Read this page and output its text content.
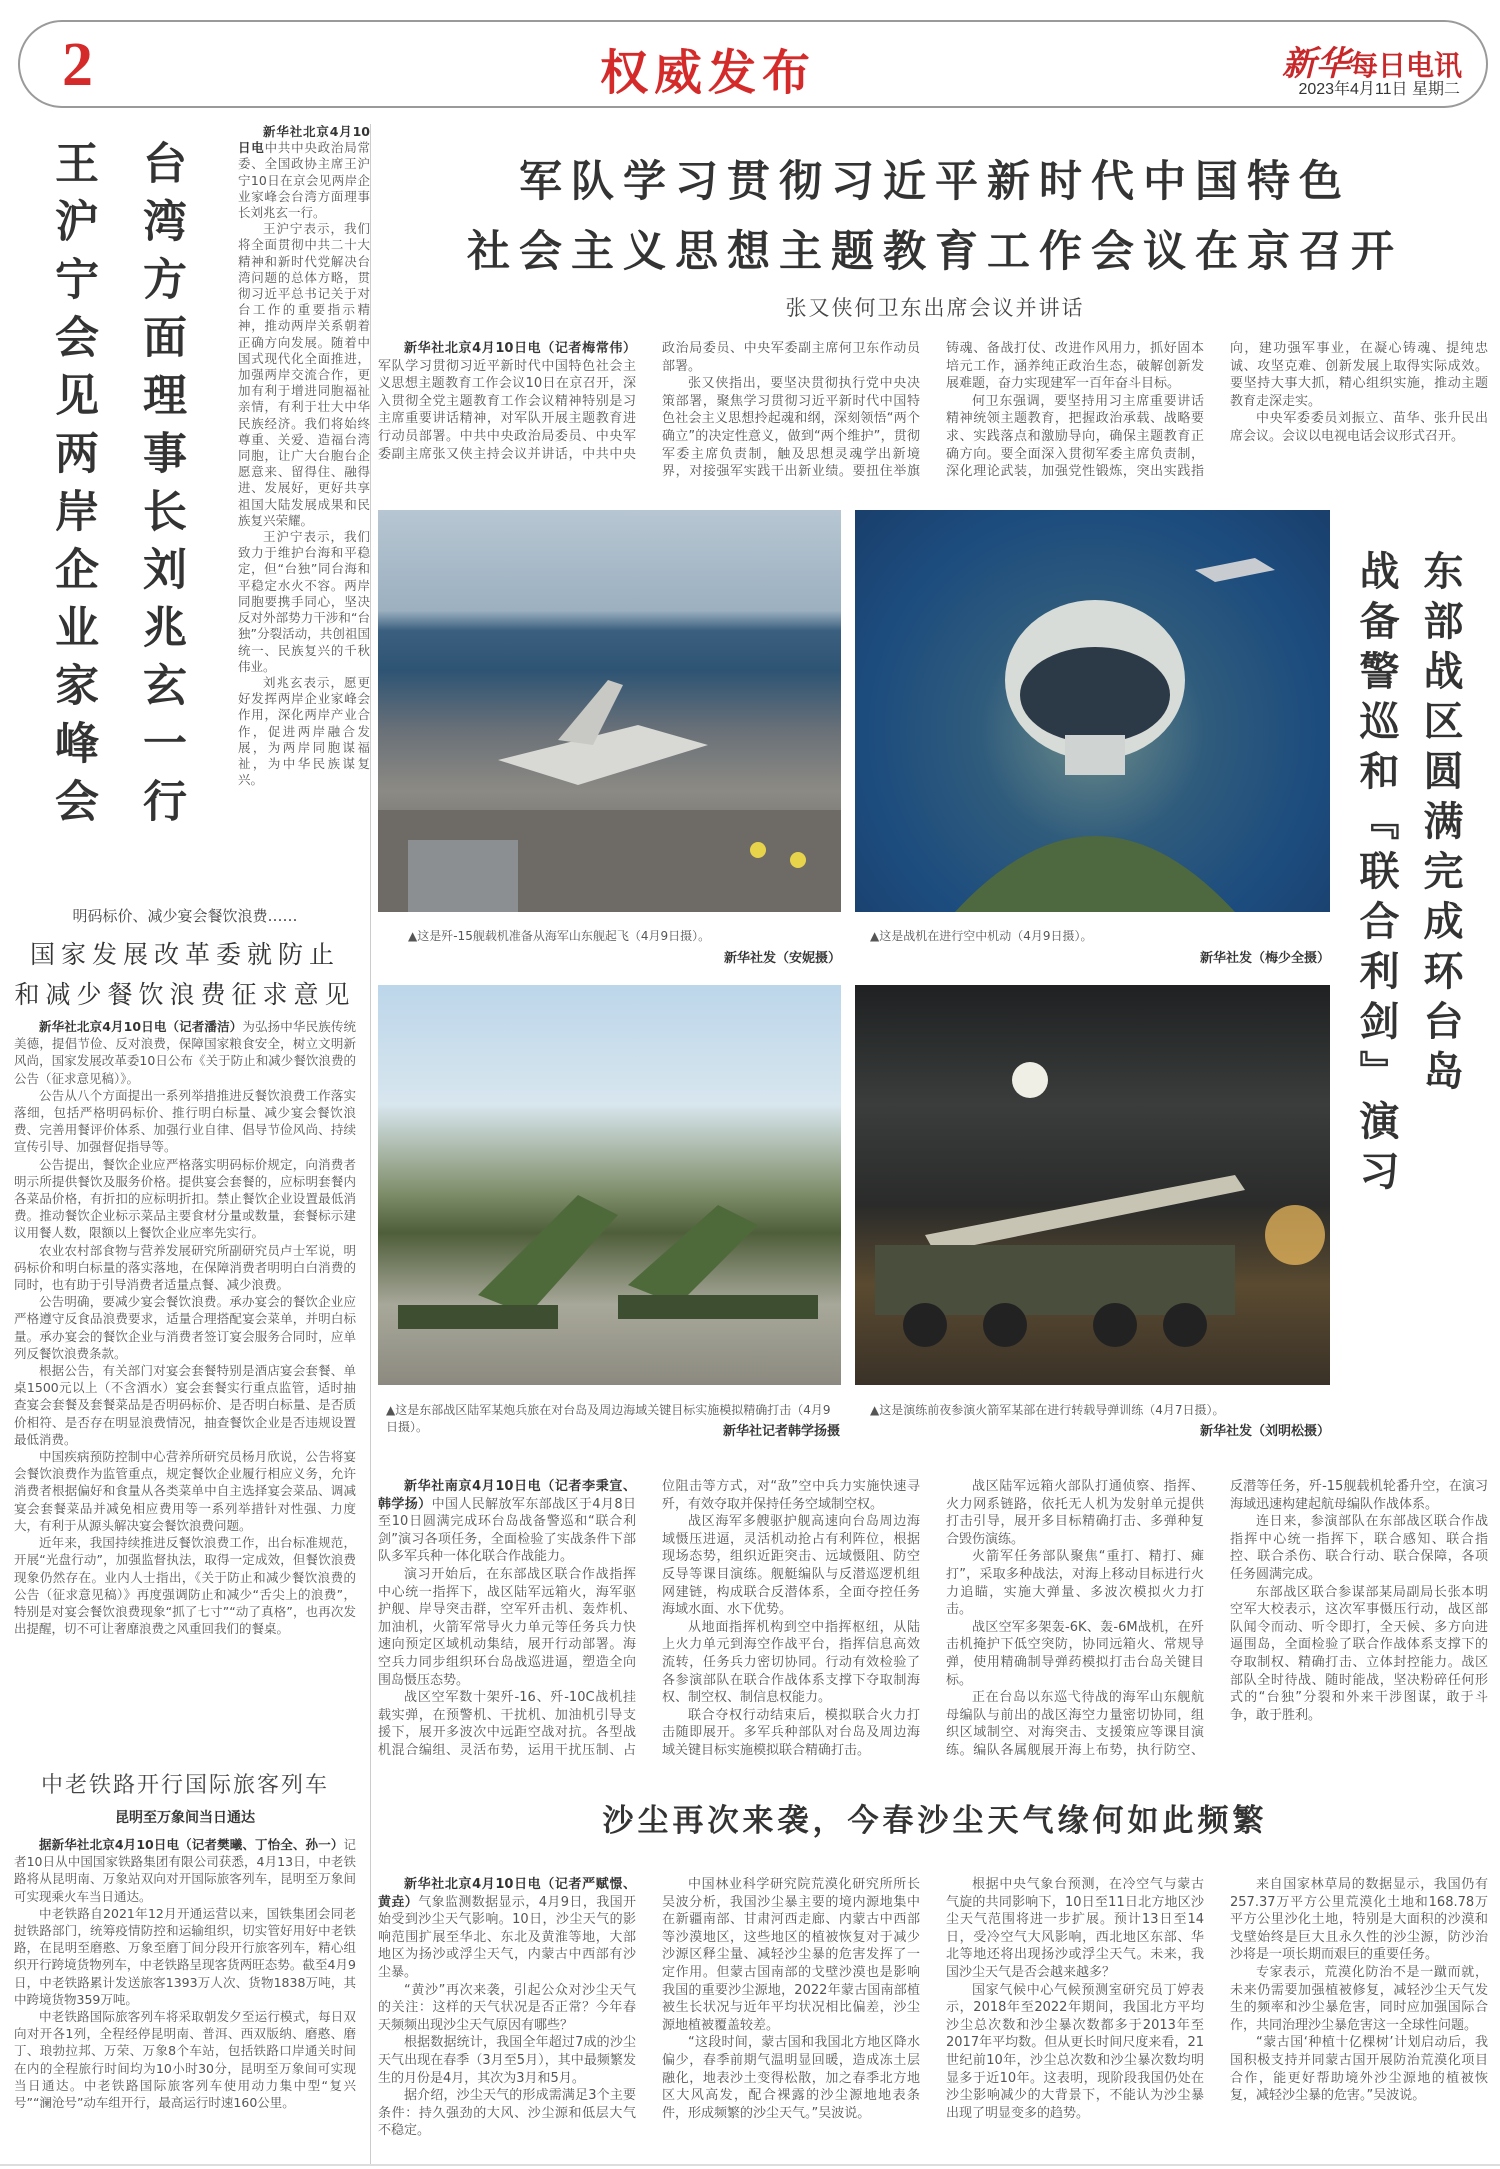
2	权威发布	新华每日电讯
2023年4月11日 星期二
台湾方面理事长刘兆玄一行
王沪宁会见两岸企业家峰会

新华社北京4月10日电中共中央政治局常委、全国政协主席王沪宁10日在京会见两岸企业家峰会台湾方面理事长刘兆玄一行。

王沪宁表示，我们将全面贯彻中共二十大精神和新时代党解决台湾问题的总体方略，贯彻习近平总书记关于对台工作的重要指示精神，推动两岸关系朝着正确方向发展。随着中国式现代化全面推进，加强两岸交流合作，更加有利于增进同胞福祉亲情，有利于壮大中华民族经济。我们将始终尊重、关爱、造福台湾同胞，让广大台胞台企愿意来、留得住、融得进、发展好，更好共享祖国大陆发展成果和民族复兴荣耀。

王沪宁表示，我们致力于维护台海和平稳定，但“台独”同台海和平稳定水火不容。两岸同胞要携手同心，坚决反对外部势力干涉和“台独”分裂活动，共创祖国统一、民族复兴的千秋伟业。

刘兆玄表示，愿更好发挥两岸企业家峰会作用，深化两岸产业合作，促进两岸融合发展，为两岸同胞谋福祉，为中华民族谋复兴。

军队学习贯彻习近平新时代中国特色
社会主义思想主题教育工作会议在京召开
张又侠何卫东出席会议并讲话

新华社北京4月10日电（记者梅常伟）军队学习贯彻习近平新时代中国特色社会主义思想主题教育工作会议10日在京召开，深入贯彻全党主题教育工作会议精神特别是习主席重要讲话精神，对军队开展主题教育进行动员部署。中共中央政治局委员、中央军委副主席张又侠主持会议并讲话，中共中央政治局委员、中央军委副主席何卫东作动员部署。

张又侠指出，要坚决贯彻执行党中央决策部署，聚焦学习贯彻习近平新时代中国特色社会主义思想拎起魂和纲，深刻领悟“两个确立”的决定性意义，做到“两个维护”，贯彻军委主席负责制，触及思想灵魂学出新境界，对接强军实践干出新业绩。要扭住举旗铸魂、备战打仗、改进作风用力，抓好固本培元工作，涵养纯正政治生态，破解创新发展难题，奋力实现建军一百年奋斗目标。

何卫东强调，要坚持用习主席重要讲话精神统领主题教育，把握政治承载、战略要求、实践落点和激励导向，确保主题教育正确方向。要全面深入贯彻军委主席负责制，深化理论武装，加强党性锻炼，突出实践指向，建功强军事业，在凝心铸魂、提纯忠诚、攻坚克难、创新发展上取得实际成效。要坚持大事大抓，精心组织实施，推动主题教育走深走实。

中央军委委员刘振立、苗华、张升民出席会议。会议以电视电话会议形式召开。

▲这是歼-15舰载机准备从海军山东舰起飞（4月9日摄）。
新华社发（安妮摄）
▲这是战机在进行空中机动（4月9日摄）。
新华社发（梅少全摄）
▲这是东部战区陆军某炮兵旅在对台岛及周边海域关键目标实施模拟精确打击（4月9日摄）。	新华社记者韩学扬摄
▲这是演练前夜参演火箭军某部在进行转载导弹训练（4月7日摄）。
新华社发（刘明松摄）
东部战区圆满完成环台岛
战备警巡和『联合利剑』演习

新华社南京4月10日电（记者李秉宣、韩学扬）中国人民解放军东部战区于4月8日至10日圆满完成环台岛战备警巡和“联合利剑”演习各项任务，全面检验了实战条件下部队多军兵种一体化联合作战能力。

演习开始后，在东部战区联合作战指挥中心统一指挥下，战区陆军远箱火，海军驱护舰、岸导突击群，空军歼击机、轰炸机、加油机，火箭军常导火力单元等任务兵力快速向预定区域机动集结，展开行动部署。海空兵力同步组织环台岛战巡进逼，塑造全向围岛慑压态势。

战区空军数十架歼-16、歼-10C战机挂载实弹，在预警机、干扰机、加油机引导支援下，展开多波次中远距空战对抗。各型战机混合编组、灵活布势，运用干扰压制、占位阻击等方式，对“敌”空中兵力实施快速寻歼，有效夺取并保持任务空域制空权。

战区海军多艘驱护舰高速向台岛周边海域慑压进逼，灵活机动抢占有利阵位，根据现场态势，组织近距突击、远域慑阻、防空反导等课目演练。舰艇编队与反潜巡逻机组网建链，构成联合反潜体系，全面夺控任务海域水面、水下优势。

从地面指挥机构到空中指挥枢纽，从陆上火力单元到海空作战平台，指挥信息高效流转，任务兵力密切协同。行动有效检验了各参演部队在联合作战体系支撑下夺取制海权、制空权、制信息权能力。

联合夺权行动结束后，模拟联合火力打击随即展开。多军兵种部队对台岛及周边海域关键目标实施模拟联合精确打击。

战区陆军远箱火部队打通侦察、指挥、火力网系链路，依托无人机为发射单元提供打击引导，展开多目标精确打击、多弹种复合毁伤演练。

火箭军任务部队聚焦“重打、精打、瘫打”，采取多种战法，对海上移动目标进行火力追瞄，实施大弹量、多波次模拟火力打击。

战区空军多架轰-6K、轰-6M战机，在歼击机掩护下低空突防，协同远箱火、常规导弹，使用精确制导弹药模拟打击台岛关键目标。

正在台岛以东巡弋待战的海军山东舰航母编队与前出的战区海空力量密切协同，组织区域制空、对海突击、支援策应等课目演练。编队各属舰展开海上布势，执行防空、反潜等任务，歼-15舰载机轮番升空，在演习海域迅速构建起航母编队作战体系。

连日来，参演部队在东部战区联合作战指挥中心统一指挥下，联合感知、联合指控、联合杀伤、联合行动、联合保障，各项任务圆满完成。

东部战区联合参谋部某局副局长张本明空军大校表示，这次军事慑压行动，战区部队闻令而动、听令即打，全天候、多方向进逼围岛，全面检验了联合作战体系支撑下的夺取制权、精确打击、立体封控能力。战区部队全时待战、随时能战，坚决粉碎任何形式的“台独”分裂和外来干涉图谋，敢于斗争，敢于胜利。

明码标价、减少宴会餐饮浪费……
国家发展改革委就防止
和减少餐饮浪费征求意见

新华社北京4月10日电（记者潘洁）为弘扬中华民族传统美德，提倡节俭、反对浪费，保障国家粮食安全，树立文明新风尚，国家发展改革委10日公布《关于防止和减少餐饮浪费的公告（征求意见稿）》。

公告从八个方面提出一系列举措推进反餐饮浪费工作落实落细，包括严格明码标价、推行明白标量、减少宴会餐饮浪费、完善用餐评价体系、加强行业自律、倡导节俭风尚、持续宣传引导、加强督促指导等。

公告提出，餐饮企业应严格落实明码标价规定，向消费者明示所提供餐饮及服务价格。提供宴会套餐的，应标明套餐内各菜品价格，有折扣的应标明折扣。禁止餐饮企业设置最低消费。推动餐饮企业标示菜品主要食材分量或数量，套餐标示建议用餐人数，限额以上餐饮企业应率先实行。

农业农村部食物与营养发展研究所副研究员卢士军说，明码标价和明白标量的落实落地，在保障消费者明明白白消费的同时，也有助于引导消费者适量点餐、减少浪费。

公告明确，要减少宴会餐饮浪费。承办宴会的餐饮企业应严格遵守反食品浪费要求，适量合理搭配宴会菜单，并明白标量。承办宴会的餐饮企业与消费者签订宴会服务合同时，应单列反餐饮浪费条款。

根据公告，有关部门对宴会套餐特别是酒店宴会套餐、单桌1500元以上（不含酒水）宴会套餐实行重点监管，适时抽查宴会套餐及套餐菜品是否明码标价、是否明白标量、是否质价相符、是否存在明显浪费情况，抽查餐饮企业是否违规设置最低消费。

中国疾病预防控制中心营养所研究员杨月欣说，公告将宴会餐饮浪费作为监管重点，规定餐饮企业履行相应义务，允许消费者根据偏好和食量从各类菜单中自主选择宴会菜品、调减宴会套餐菜品并减免相应费用等一系列举措针对性强、力度大，有利于从源头解决宴会餐饮浪费问题。

近年来，我国持续推进反餐饮浪费工作，出台标准规范，开展“光盘行动”，加强监督执法，取得一定成效，但餐饮浪费现象仍然存在。业内人士指出，《关于防止和减少餐饮浪费的公告（征求意见稿）》再度强调防止和减少“舌尖上的浪费”，特别是对宴会餐饮浪费现象“抓了七寸”“动了真格”，也再次发出提醒，切不可让奢靡浪费之风重回我们的餐桌。

中老铁路开行国际旅客列车
昆明至万象间当日通达

据新华社北京4月10日电（记者樊曦、丁怡全、孙一）记者10日从中国国家铁路集团有限公司获悉，4月13日，中老铁路将从昆明南、万象站双向对开国际旅客列车，昆明至万象间可实现乘火车当日通达。

中老铁路自2021年12月开通运营以来，国铁集团会同老挝铁路部门，统筹疫情防控和运输组织，切实管好用好中老铁路，在昆明至磨憨、万象至磨丁间分段开行旅客列车，精心组织开行跨境货物列车，中老铁路呈现客货两旺态势。截至4月9日，中老铁路累计发送旅客1393万人次、货物1838万吨，其中跨境货物359万吨。

中老铁路国际旅客列车将采取朝发夕至运行模式，每日双向对开各1列，全程经停昆明南、普洱、西双版纳、磨憨、磨丁、琅勃拉邦、万荣、万象8个车站，包括铁路口岸通关时间在内的全程旅行时间均为10小时30分，昆明至万象间可实现当日通达。中老铁路国际旅客列车使用动力集中型“复兴号”“澜沧号”动车组开行，最高运行时速160公里。

沙尘再次来袭，今春沙尘天气缘何如此频繁

新华社北京4月10日电（记者严赋憬、黄垚）气象监测数据显示，4月9日，我国开始受到沙尘天气影响。10日，沙尘天气的影响范围扩展至华北、东北及黄淮等地，大部地区为扬沙或浮尘天气，内蒙古中西部有沙尘暴。

“黄沙”再次来袭，引起公众对沙尘天气的关注：这样的天气状况是否正常？今年春天频频出现沙尘天气原因有哪些？

根据数据统计，我国全年超过7成的沙尘天气出现在春季（3月至5月），其中最频繁发生的月份是4月，其次为3月和5月。

据介绍，沙尘天气的形成需满足3个主要条件：持久强劲的大风、沙尘源和低层大气不稳定。

中国林业科学研究院荒漠化研究所所长吴波分析，我国沙尘暴主要的境内源地集中在新疆南部、甘肃河西走廊、内蒙古中西部等沙漠地区，这些地区的植被恢复对于减少沙源区释尘量、减轻沙尘暴的危害发挥了一定作用。但蒙古国南部的戈壁沙漠也是影响我国的重要沙尘源地，2022年蒙古国南部植被生长状况与近年平均状况相比偏差，沙尘源地植被覆盖较差。

“这段时间，蒙古国和我国北方地区降水偏少，春季前期气温明显回暖，造成冻土层融化，地表沙土变得松散，加之春季北方地区大风高发，配合裸露的沙尘源地地表条件，形成频繁的沙尘天气。”吴波说。

根据中央气象台预测，在冷空气与蒙古气旋的共同影响下，10日至11日北方地区沙尘天气范围将进一步扩展。预计13日至14日，受冷空气大风影响，西北地区东部、华北等地还将出现扬沙或浮尘天气。未来，我国沙尘天气是否会越来越多？

国家气候中心气候预测室研究员丁婷表示，2018年至2022年期间，我国北方平均沙尘总次数和沙尘暴次数都多于2013年至2017年平均数。但从更长时间尺度来看，21世纪前10年，沙尘总次数和沙尘暴次数均明显多于近10年。这表明，现阶段我国仍处在沙尘影响减少的大背景下，不能认为沙尘暴出现了明显变多的趋势。

来自国家林草局的数据显示，我国仍有257.37万平方公里荒漠化土地和168.78万平方公里沙化土地，特别是大面积的沙漠和戈壁始终是巨大且永久性的沙尘源，防沙治沙将是一项长期而艰巨的重要任务。

专家表示，荒漠化防治不是一蹴而就，未来仍需要加强植被修复，减轻沙尘天气发生的频率和沙尘暴危害，同时应加强国际合作，共同治理沙尘暴危害这一全球性问题。

“蒙古国‘种植十亿棵树’计划启动后，我国积极支持并同蒙古国开展防治荒漠化项目合作，能更好帮助境外沙尘源地的植被恢复，减轻沙尘暴的危害。”吴波说。
